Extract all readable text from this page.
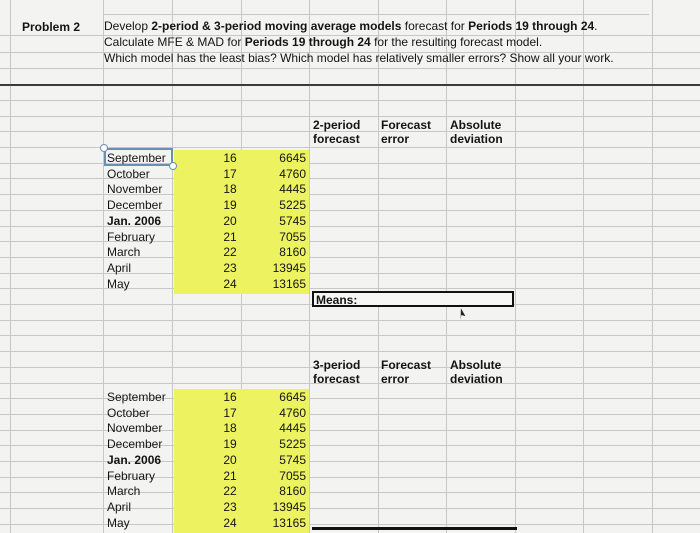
Problem 2 Develop 2-period & 3-period moving average models forecast for Periods 19 through 24.
Calculate MFE & MAD for Periods 19 through 24 for the resulting forecast model.
Which model has the least bias? Which model has relatively smaller errors? Show all your work.
2-period
forecast
Forecast
error
Absolute
deviation
September	16	6645
October	17	4760
November	18	4445
December	19	5225
Jan. 2006	20	5745
February	21	7055
March	22	8160
April	23	13945
May	24	13165
Means:
3-period
forecast
Forecast
error
Absolute
deviation
September	16	6645
October	17	4760
November	18	4445
December	19	5225
Jan. 2006	20	5745
February	21	7055
March	22	8160
April	23	13945
May	24	13165
